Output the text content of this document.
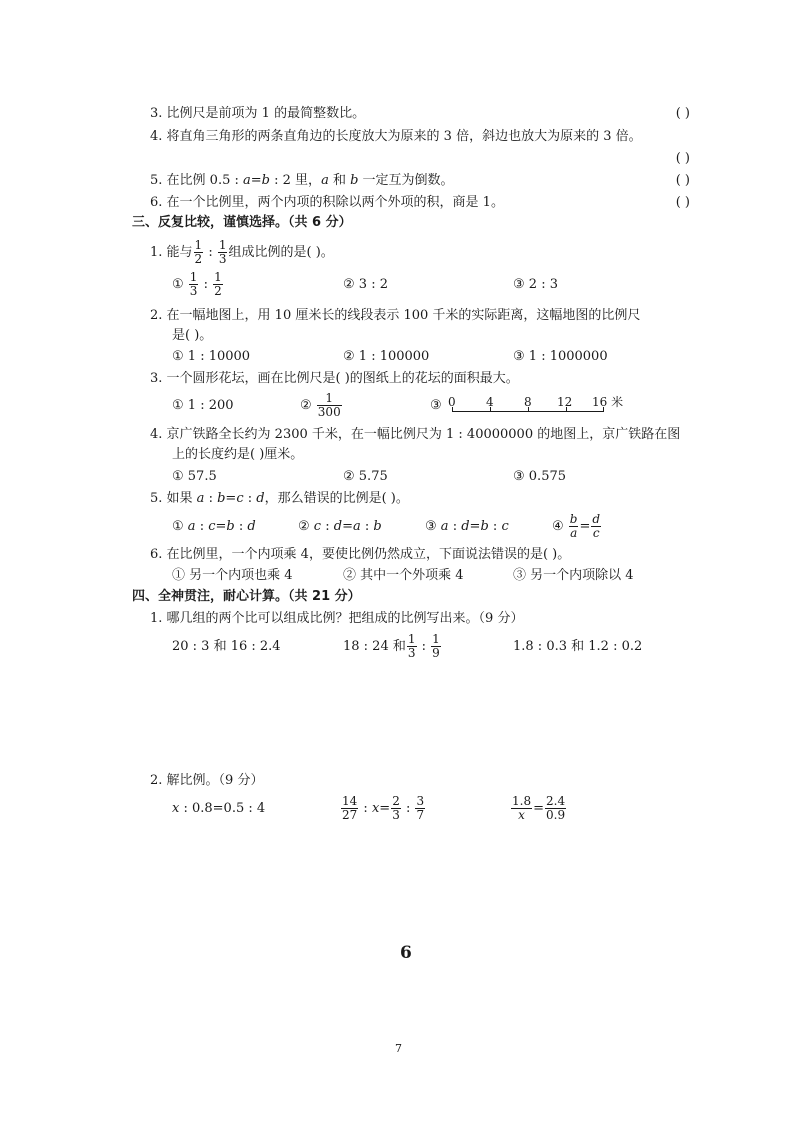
3. 比例尺是前项为 1 的最简整数比。	( )
4. 将直角三角形的两条直角边的长度放大为原来的 3 倍，斜边也放大为原来的 3 倍。
( )
5. 在比例 0.5 : a=b : 2 里，a 和 b 一定互为倒数。	( )
6. 在一个比例里，两个内项的积除以两个外项的积，商是 1。	( )
三、反复比较，谨慎选择。（共 6 分）
1. 能与 $\frac{1}{2}$ : $\frac{1}{3}$ 组成比例的是( )。
① $\frac{1}{3}$ : $\frac{1}{2}$	② 3 : 2	③ 2 : 3
2. 在一幅地图上，用 10 厘米长的线段表示 100 千米的实际距离，这幅地图的比例尺
是( )。
① 1 : 10000	② 1 : 100000	③ 1 : 1000000
3. 一个圆形花坛，画在比例尺是( )的图纸上的花坛的面积最大。
① 1 : 200	② $\frac{1}{300}$	③ 0	4	8 12 16 米
4. 京广铁路全长约为 2300 千米，在一幅比例尺为 1 : 40000000 的地图上，京广铁路在图
上的长度约是( )厘米。
① 57.5	② 5.75	③ 0.575
5. 如果 a : b=c : d，那么错误的比例是( )。
① a : c=b : d	② c : d=a : b	③ a : d=b : c	④ $\frac{b}{a} = \frac{d}{c}$
6. 在比例里，一个内项乘 4，要使比例仍然成立，下面说法错误的是( )。
① 另一个内项也乘 4	② 其中一个外项乘 4	③ 另一个内项除以 4
四、全神贯注，耐心计算。（共 21 分）
1. 哪几组的两个比可以组成比例？把组成的比例写出来。（9 分）
20 : 3 和 16 : 2.4	18 : 24 和 $\frac{1}{3}$ : $\frac{1}{9}$	1.8 : 0.3 和 1.2 : 0.2
2. 解比例。（9 分）
x : 0.8=0.5 : 4	$\frac{14}{27}$ : $x= \frac{2}{3}$ : $\frac{3}{7}$	$\frac{1.8}{x} = \frac{2.4}{0.9}$
6
7
